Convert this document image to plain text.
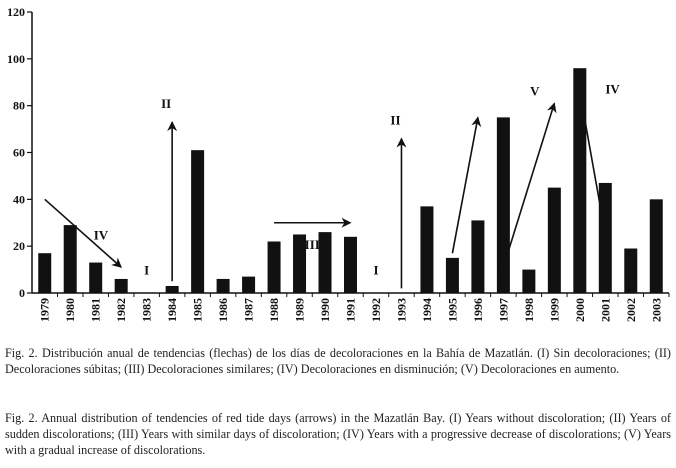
0
20
40
60
80
100
120
1979 1980 1981 1982 1983 1984 1985 1986 1987 1988 1989 1990 1991 1992 1993 1994 1995 1996 1997 1998 1999 2000 2001 2002 2003
IV
I
II
III
I
II
V	IV

Fig. 2. Distribución anual de tendencias (flechas) de los días de decoloraciones en la Bahía de Mazatlán. (I) Sin decoloraciones; (II) Decoloraciones súbitas; (III) Decoloraciones similares; (IV) Decoloraciones en disminución; (V) Decoloraciones en aumento.

Fig. 2. Annual distribution of tendencies of red tide days (arrows) in the Mazatlán Bay. (I) Years without discoloration; (II) Years of sudden discolorations; (III) Years with similar days of discoloration; (IV) Years with a progressive decrease of discolorations; (V) Years with a gradual increase of discolorations.
